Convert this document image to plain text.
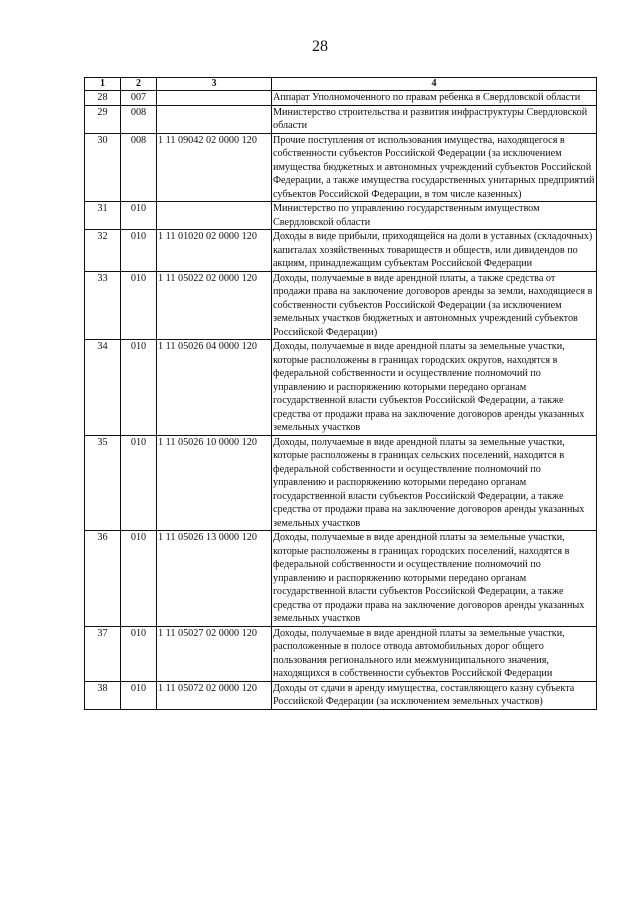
28
1	2	3	4
28	007		Аппарат Уполномоченного по правам ребенка в Свердловской области
29	008		Министерство строительства и развития инфраструктуры Свердловской области
30	008	1 11 09042 02 0000 120	Прочие поступления от использования имущества, находящегося в собственности субъектов Российской Федерации (за исключением имущества бюджетных и автономных учреждений субъектов Российской Федерации, а также имущества государственных унитарных предприятий субъектов Российской Федерации, в том числе казенных)
31	010		Министерство по управлению государственным имуществом Свердловской области
32	010	1 11 01020 02 0000 120	Доходы в виде прибыли, приходящейся на доли в уставных (складочных) капиталах хозяйственных товариществ и обществ, или дивидендов по акциям, принадлежащим субъектам Российской Федерации
33	010	1 11 05022 02 0000 120	Доходы, получаемые в виде арендной платы, а также средства от продажи права на заключение договоров аренды за земли, находящиеся в собственности субъектов Российской Федерации (за исключением земельных участков бюджетных и автономных учреждений субъектов Российской Федерации)
34	010	1 11 05026 04 0000 120	Доходы, получаемые в виде арендной платы за земельные участки, которые расположены в границах городских округов, находятся в федеральной собственности и осуществление полномочий по управлению и распоряжению которыми передано органам государственной власти субъектов Российской Федерации, а также средства от продажи права на заключение договоров аренды указанных земельных участков
35	010	1 11 05026 10 0000 120	Доходы, получаемые в виде арендной платы за земельные участки, которые расположены в границах сельских поселений, находятся в федеральной собственности и осуществление полномочий по управлению и распоряжению которыми передано органам государственной власти субъектов Российской Федерации, а также средства от продажи права на заключение договоров аренды указанных земельных участков
36	010	1 11 05026 13 0000 120	Доходы, получаемые в виде арендной платы за земельные участки, которые расположены в границах городских поселений, находятся в федеральной собственности и осуществление полномочий по управлению и распоряжению которыми передано органам государственной власти субъектов Российской Федерации, а также средства от продажи права на заключение договоров аренды указанных земельных участков
37	010	1 11 05027 02 0000 120	Доходы, получаемые в виде арендной платы за земельные участки, расположенные в полосе отвода автомобильных дорог общего пользования регионального или межмуниципального значения, находящихся в собственности субъектов Российской Федерации
38	010	1 11 05072 02 0000 120	Доходы от сдачи в аренду имущества, составляющего казну субъекта Российской Федерации (за исключением земельных участков)
